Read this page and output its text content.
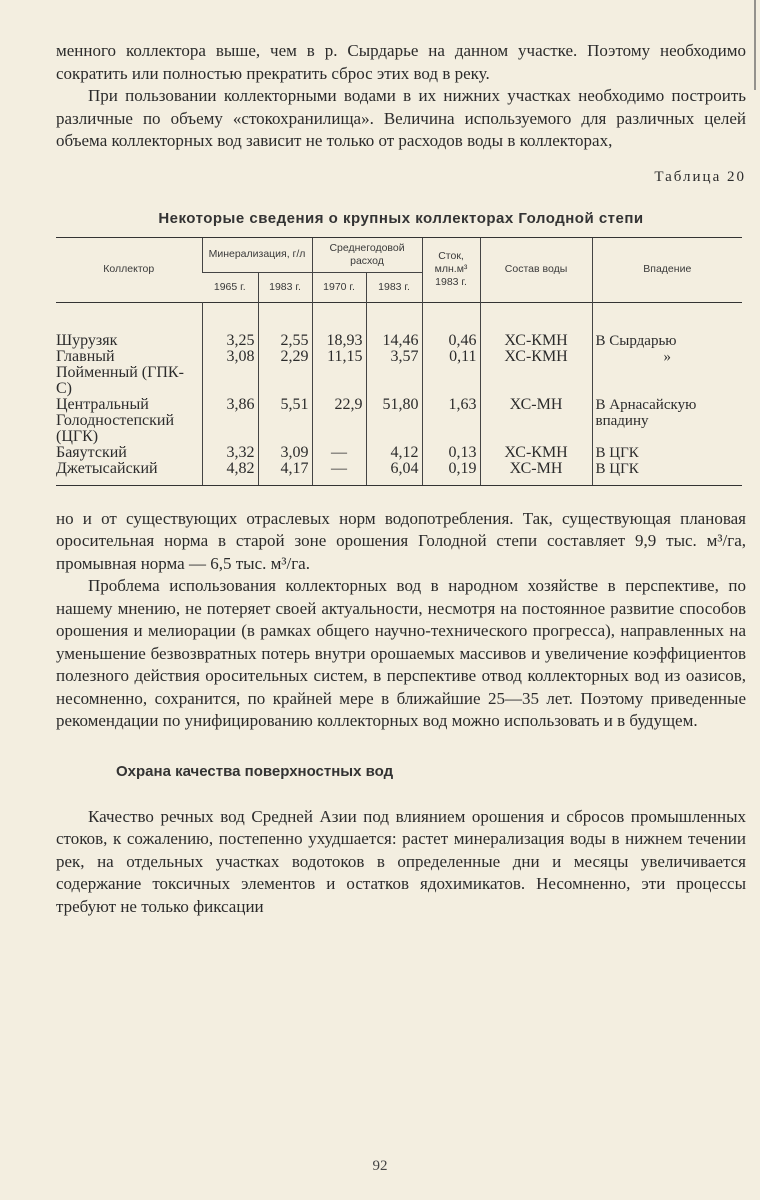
менного коллектора выше, чем в р. Сырдарье на данном участке. Поэтому необходимо сократить или полностью прекратить сброс этих вод в реку.

При пользовании коллекторными водами в их нижних участках необходимо построить различные по объему «стокохранилища». Величина используемого для различных целей объема коллекторных вод зависит не только от расходов воды в коллекторах,

Таблица 20
Некоторые сведения о крупных коллекторах Голодной степи
Коллектор	Минерализация, г/л		Среднегодовой расход		Сток, млн.м³ 1983 г.	Состав воды	Впадение
	1965 г.	1983 г.	1970 г.	1983 г.			
Шурузяк	3,25	2,55	18,93	14,46	0,46	ХС-КМН	В Сырдарью
Главный Пойменный (ГПК-С)	3,08	2,29	11,15	3,57	0,11	ХС-КМН	»
Центральный Голодностепский (ЦГК)	3,86	5,51	22,9	51,80	1,63	ХС-МН	В Арнасайскую впадину
Баяутский	3,32	3,09	—	4,12	0,13	ХС-КМН	В ЦГК
Джетысайский	4,82	4,17	—	6,04	0,19	ХС-МН	В ЦГК

но и от существующих отраслевых норм водопотребления. Так, существующая плановая оросительная норма в старой зоне орошения Голодной степи составляет 9,9 тыс. м³/га, промывная норма — 6,5 тыс. м³/га.

Проблема использования коллекторных вод в народном хозяйстве в перспективе, по нашему мнению, не потеряет своей актуальности, несмотря на постоянное развитие способов орошения и мелиорации (в рамках общего научно-технического прогресса), направленных на уменьшение безвозвратных потерь внутри орошаемых массивов и увеличение коэффициентов полезного действия оросительных систем, в перспективе отвод коллекторных вод из оазисов, несомненно, сохранится, по крайней мере в ближайшие 25—35 лет. Поэтому приведенные рекомендации по унифицированию коллекторных вод можно использовать и в будущем.

Охрана качества поверхностных вод

Качество речных вод Средней Азии под влиянием орошения и сбросов промышленных стоков, к сожалению, постепенно ухудшается: растет минерализация воды в нижнем течении рек, на отдельных участках водотоков в определенные дни и месяцы увеличивается содержание токсичных элементов и остатков ядохимикатов. Несомненно, эти процессы требуют не только фиксации

92
